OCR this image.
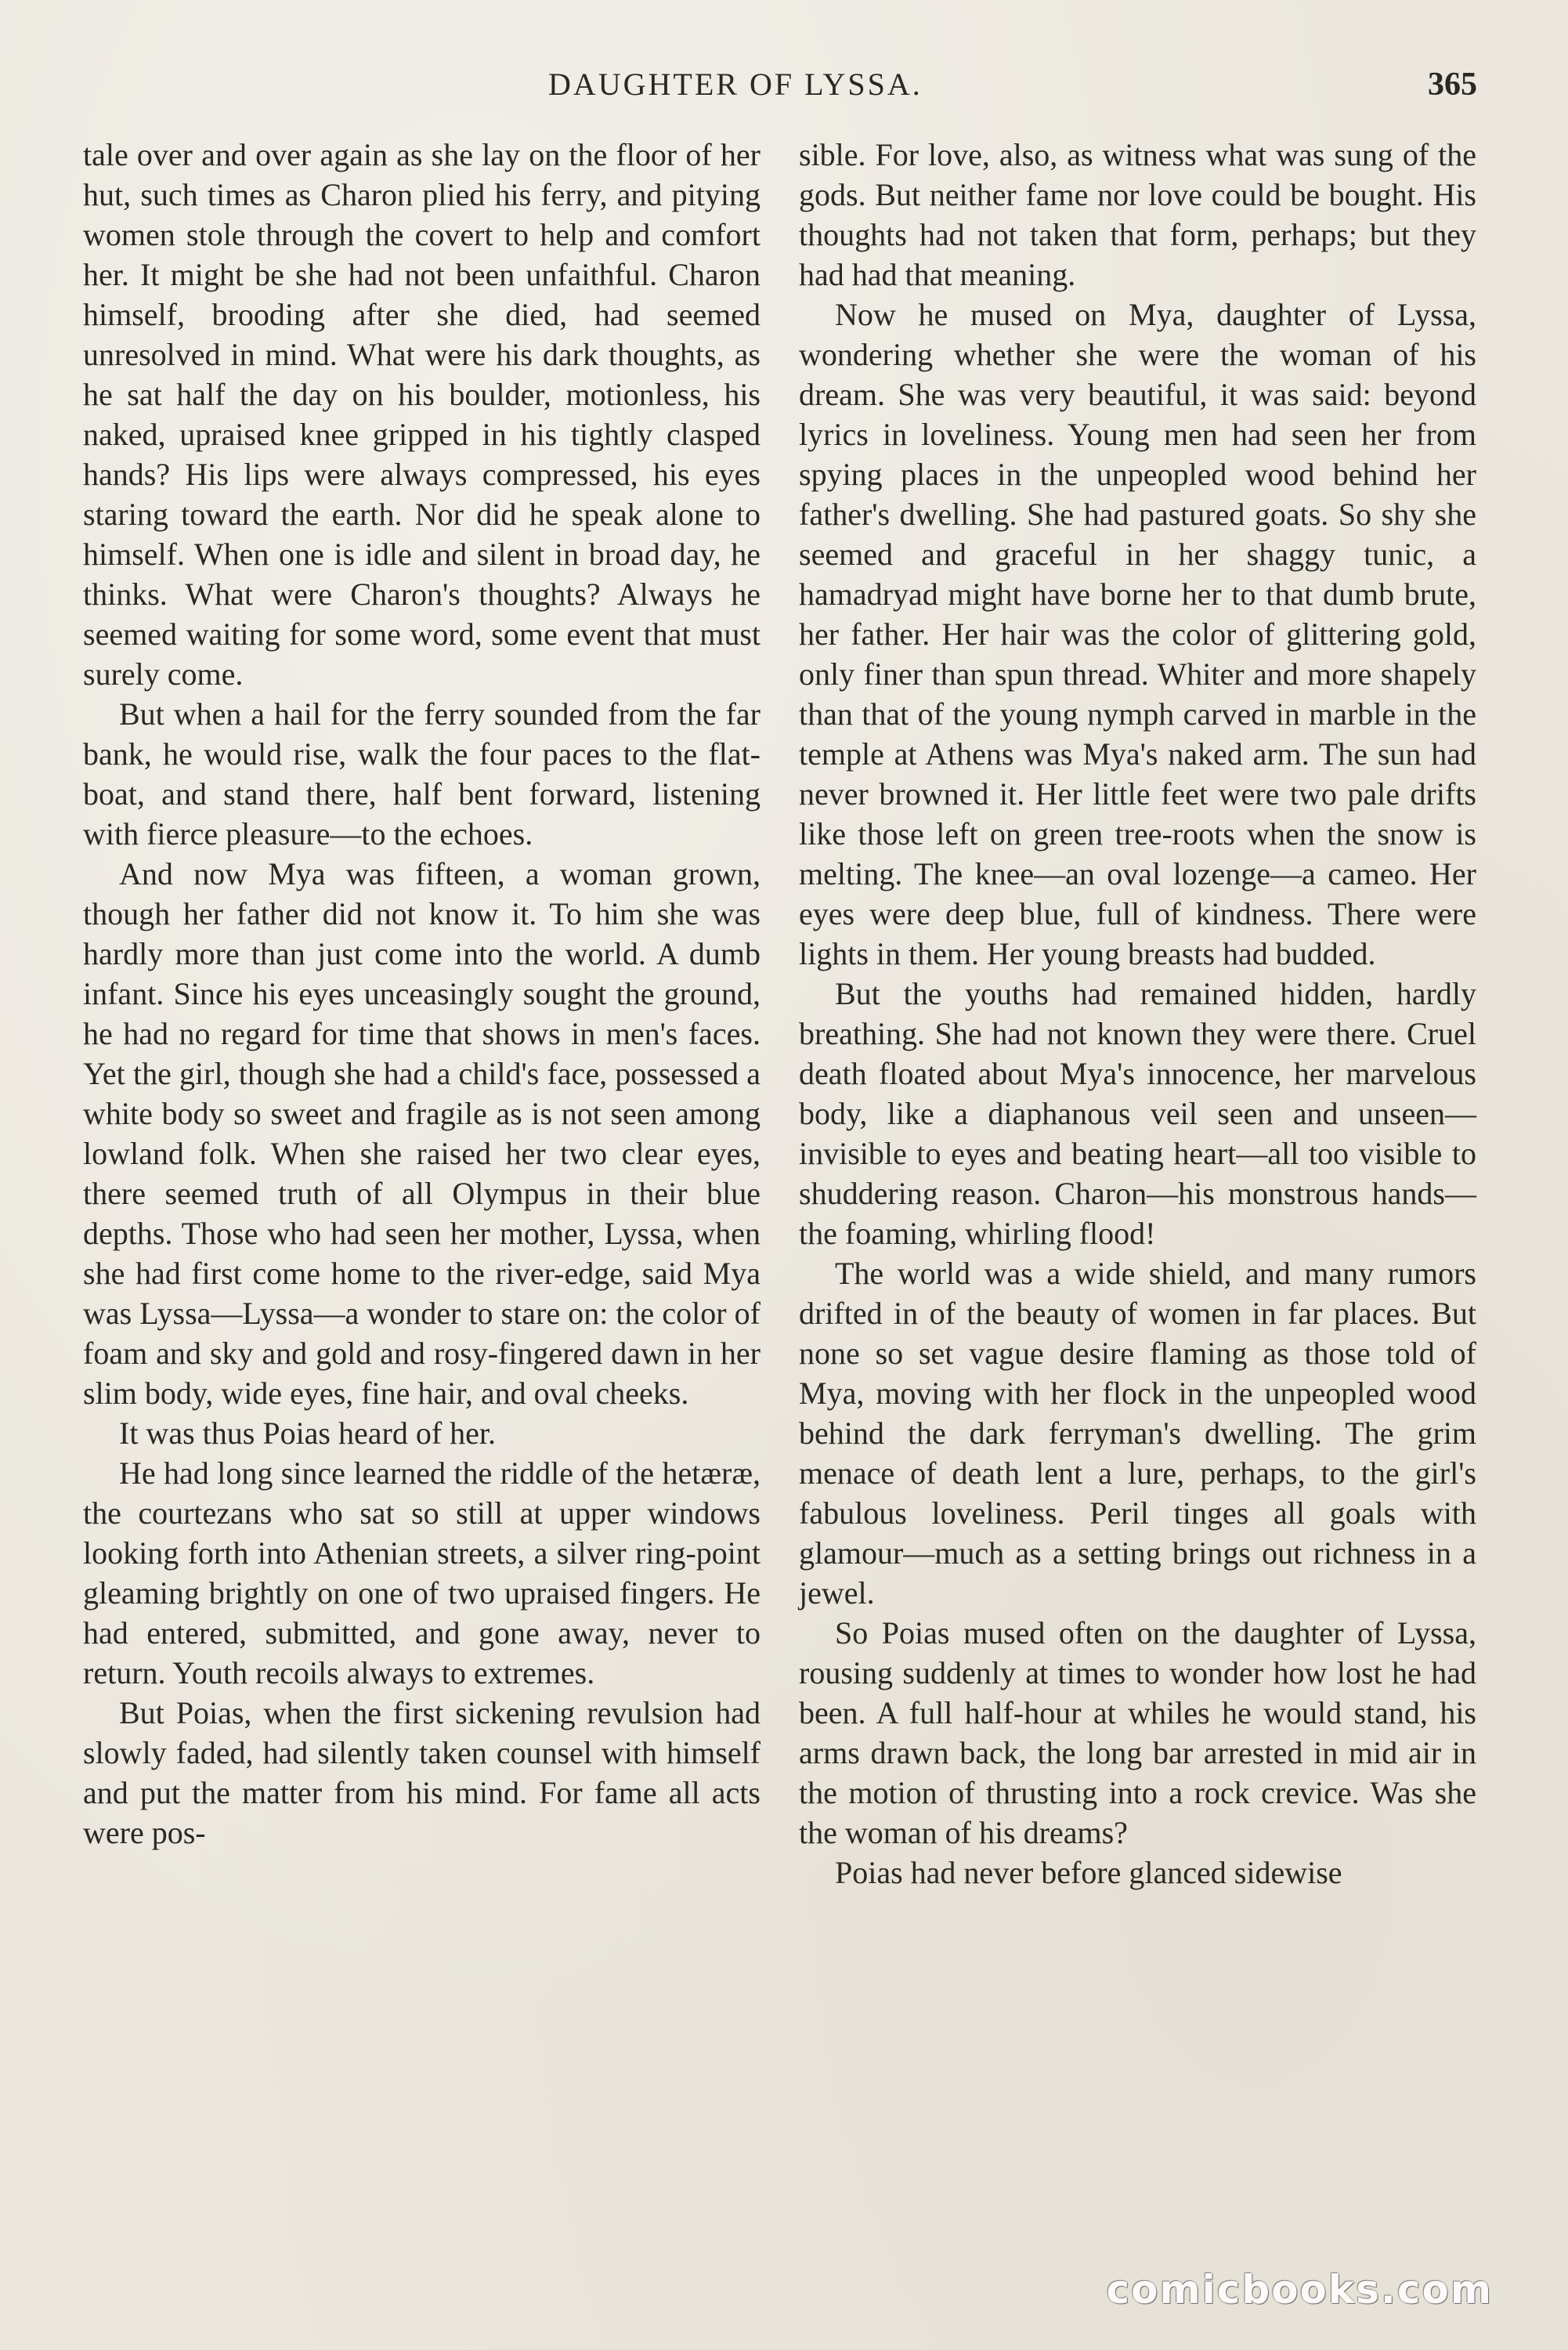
DAUGHTER OF LYSSA.	365

tale over and over again as she lay on the floor of her hut, such times as Charon plied his ferry, and pitying women stole through the covert to help and comfort her. It might be she had not been unfaithful. Charon himself, brooding after she died, had seemed unresolved in mind. What were his dark thoughts, as he sat half the day on his boulder, motionless, his naked, upraised knee gripped in his tightly clasped hands? His lips were always compressed, his eyes staring toward the earth. Nor did he speak alone to himself. When one is idle and silent in broad day, he thinks. What were Charon's thoughts? Always he seemed waiting for some word, some event that must surely come.

But when a hail for the ferry sounded from the far bank, he would rise, walk the four paces to the flat-boat, and stand there, half bent forward, listening with fierce pleasure—to the echoes.

And now Mya was fifteen, a woman grown, though her father did not know it. To him she was hardly more than just come into the world. A dumb infant. Since his eyes unceasingly sought the ground, he had no regard for time that shows in men's faces. Yet the girl, though she had a child's face, possessed a white body so sweet and fragile as is not seen among lowland folk. When she raised her two clear eyes, there seemed truth of all Olympus in their blue depths. Those who had seen her mother, Lyssa, when she had first come home to the river-edge, said Mya was Lyssa—Lyssa—a wonder to stare on: the color of foam and sky and gold and rosy-fingered dawn in her slim body, wide eyes, fine hair, and oval cheeks.

It was thus Poias heard of her.

He had long since learned the riddle of the hetæræ, the courtezans who sat so still at upper windows looking forth into Athenian streets, a silver ring-point gleaming brightly on one of two upraised fingers. He had entered, submitted, and gone away, never to return. Youth recoils always to extremes.

But Poias, when the first sickening revulsion had slowly faded, had silently taken counsel with himself and put the matter from his mind. For fame all acts were pos-

sible. For love, also, as witness what was sung of the gods. But neither fame nor love could be bought. His thoughts had not taken that form, perhaps; but they had had that meaning.

Now he mused on Mya, daughter of Lyssa, wondering whether she were the woman of his dream. She was very beautiful, it was said: beyond lyrics in loveliness. Young men had seen her from spying places in the unpeopled wood behind her father's dwelling. She had pastured goats. So shy she seemed and graceful in her shaggy tunic, a hamadryad might have borne her to that dumb brute, her father. Her hair was the color of glittering gold, only finer than spun thread. Whiter and more shapely than that of the young nymph carved in marble in the temple at Athens was Mya's naked arm. The sun had never browned it. Her little feet were two pale drifts like those left on green tree-roots when the snow is melting. The knee—an oval lozenge—a cameo. Her eyes were deep blue, full of kindness. There were lights in them. Her young breasts had budded.

But the youths had remained hidden, hardly breathing. She had not known they were there. Cruel death floated about Mya's innocence, her marvelous body, like a diaphanous veil seen and unseen—invisible to eyes and beating heart—all too visible to shuddering reason. Charon—his monstrous hands—the foaming, whirling flood!

The world was a wide shield, and many rumors drifted in of the beauty of women in far places. But none so set vague desire flaming as those told of Mya, moving with her flock in the unpeopled wood behind the dark ferryman's dwelling. The grim menace of death lent a lure, perhaps, to the girl's fabulous loveliness. Peril tinges all goals with glamour—much as a setting brings out richness in a jewel.

So Poias mused often on the daughter of Lyssa, rousing suddenly at times to wonder how lost he had been. A full half-hour at whiles he would stand, his arms drawn back, the long bar arrested in mid air in the motion of thrusting into a rock crevice. Was she the woman of his dreams?

Poias had never before glanced sidewise

comicbooks.com
